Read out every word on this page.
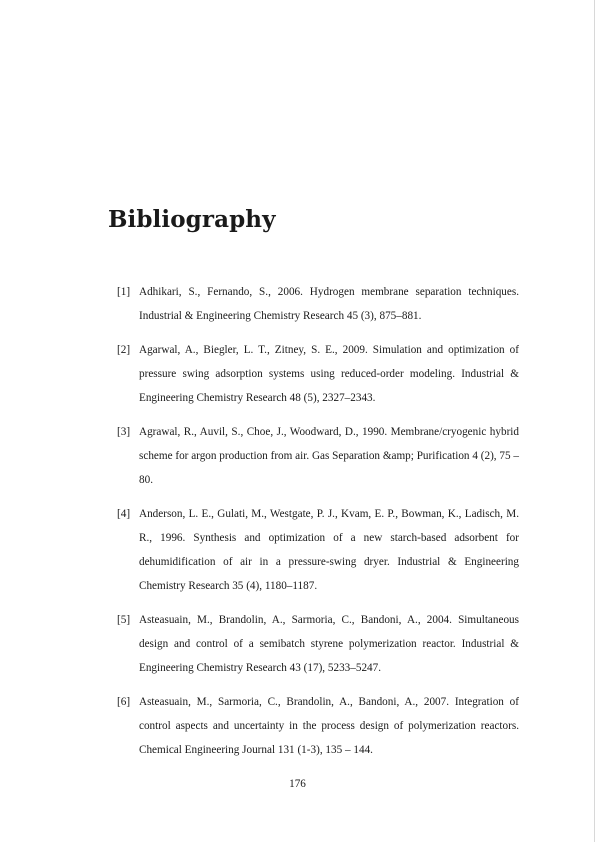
Bibliography
[1] Adhikari, S., Fernando, S., 2006. Hydrogen membrane separation techniques. Industrial & Engineering Chemistry Research 45 (3), 875–881.
[2] Agarwal, A., Biegler, L. T., Zitney, S. E., 2009. Simulation and optimization of pressure swing adsorption systems using reduced-order modeling. Industrial & Engineering Chemistry Research 48 (5), 2327–2343.
[3] Agrawal, R., Auvil, S., Choe, J., Woodward, D., 1990. Membrane/cryogenic hybrid scheme for argon production from air. Gas Separation &amp; Purification 4 (2), 75 – 80.
[4] Anderson, L. E., Gulati, M., Westgate, P. J., Kvam, E. P., Bowman, K., Ladisch, M. R., 1996. Synthesis and optimization of a new starch-based adsorbent for dehumidification of air in a pressure-swing dryer. Industrial & Engineering Chemistry Research 35 (4), 1180–1187.
[5] Asteasuain, M., Brandolin, A., Sarmoria, C., Bandoni, A., 2004. Simultaneous design and control of a semibatch styrene polymerization reactor. Industrial & Engineering Chemistry Research 43 (17), 5233–5247.
[6] Asteasuain, M., Sarmoria, C., Brandolin, A., Bandoni, A., 2007. Integration of control aspects and uncertainty in the process design of polymerization reactors. Chemical Engineering Journal 131 (1-3), 135 – 144.
176
